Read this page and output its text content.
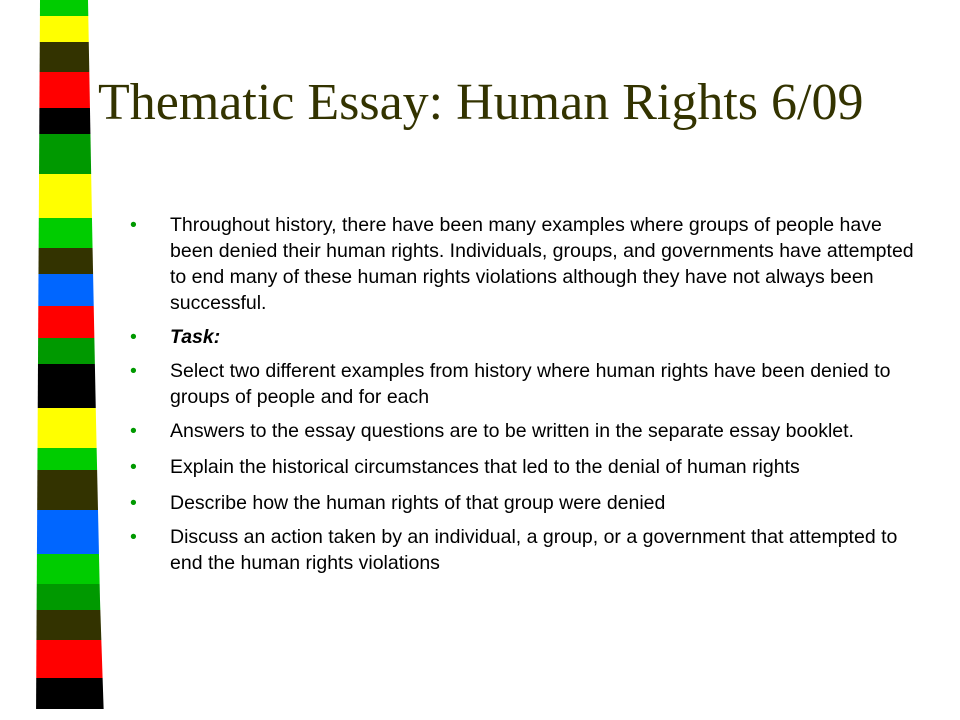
Thematic Essay: Human Rights 6/09
• Throughout history, there have been many examples where groups of people have been denied their human rights. Individuals, groups, and governments have attempted to end many of these human rights violations although they have not always been successful.
• Task:
• Select two different examples from history where human rights have been denied to groups of people and for each
• Answers to the essay questions are to be written in the separate essay booklet.
• Explain the historical circumstances that led to the denial of human rights
• Describe how the human rights of that group were denied
• Discuss an action taken by an individual, a group, or a government that attempted to end the human rights violations
